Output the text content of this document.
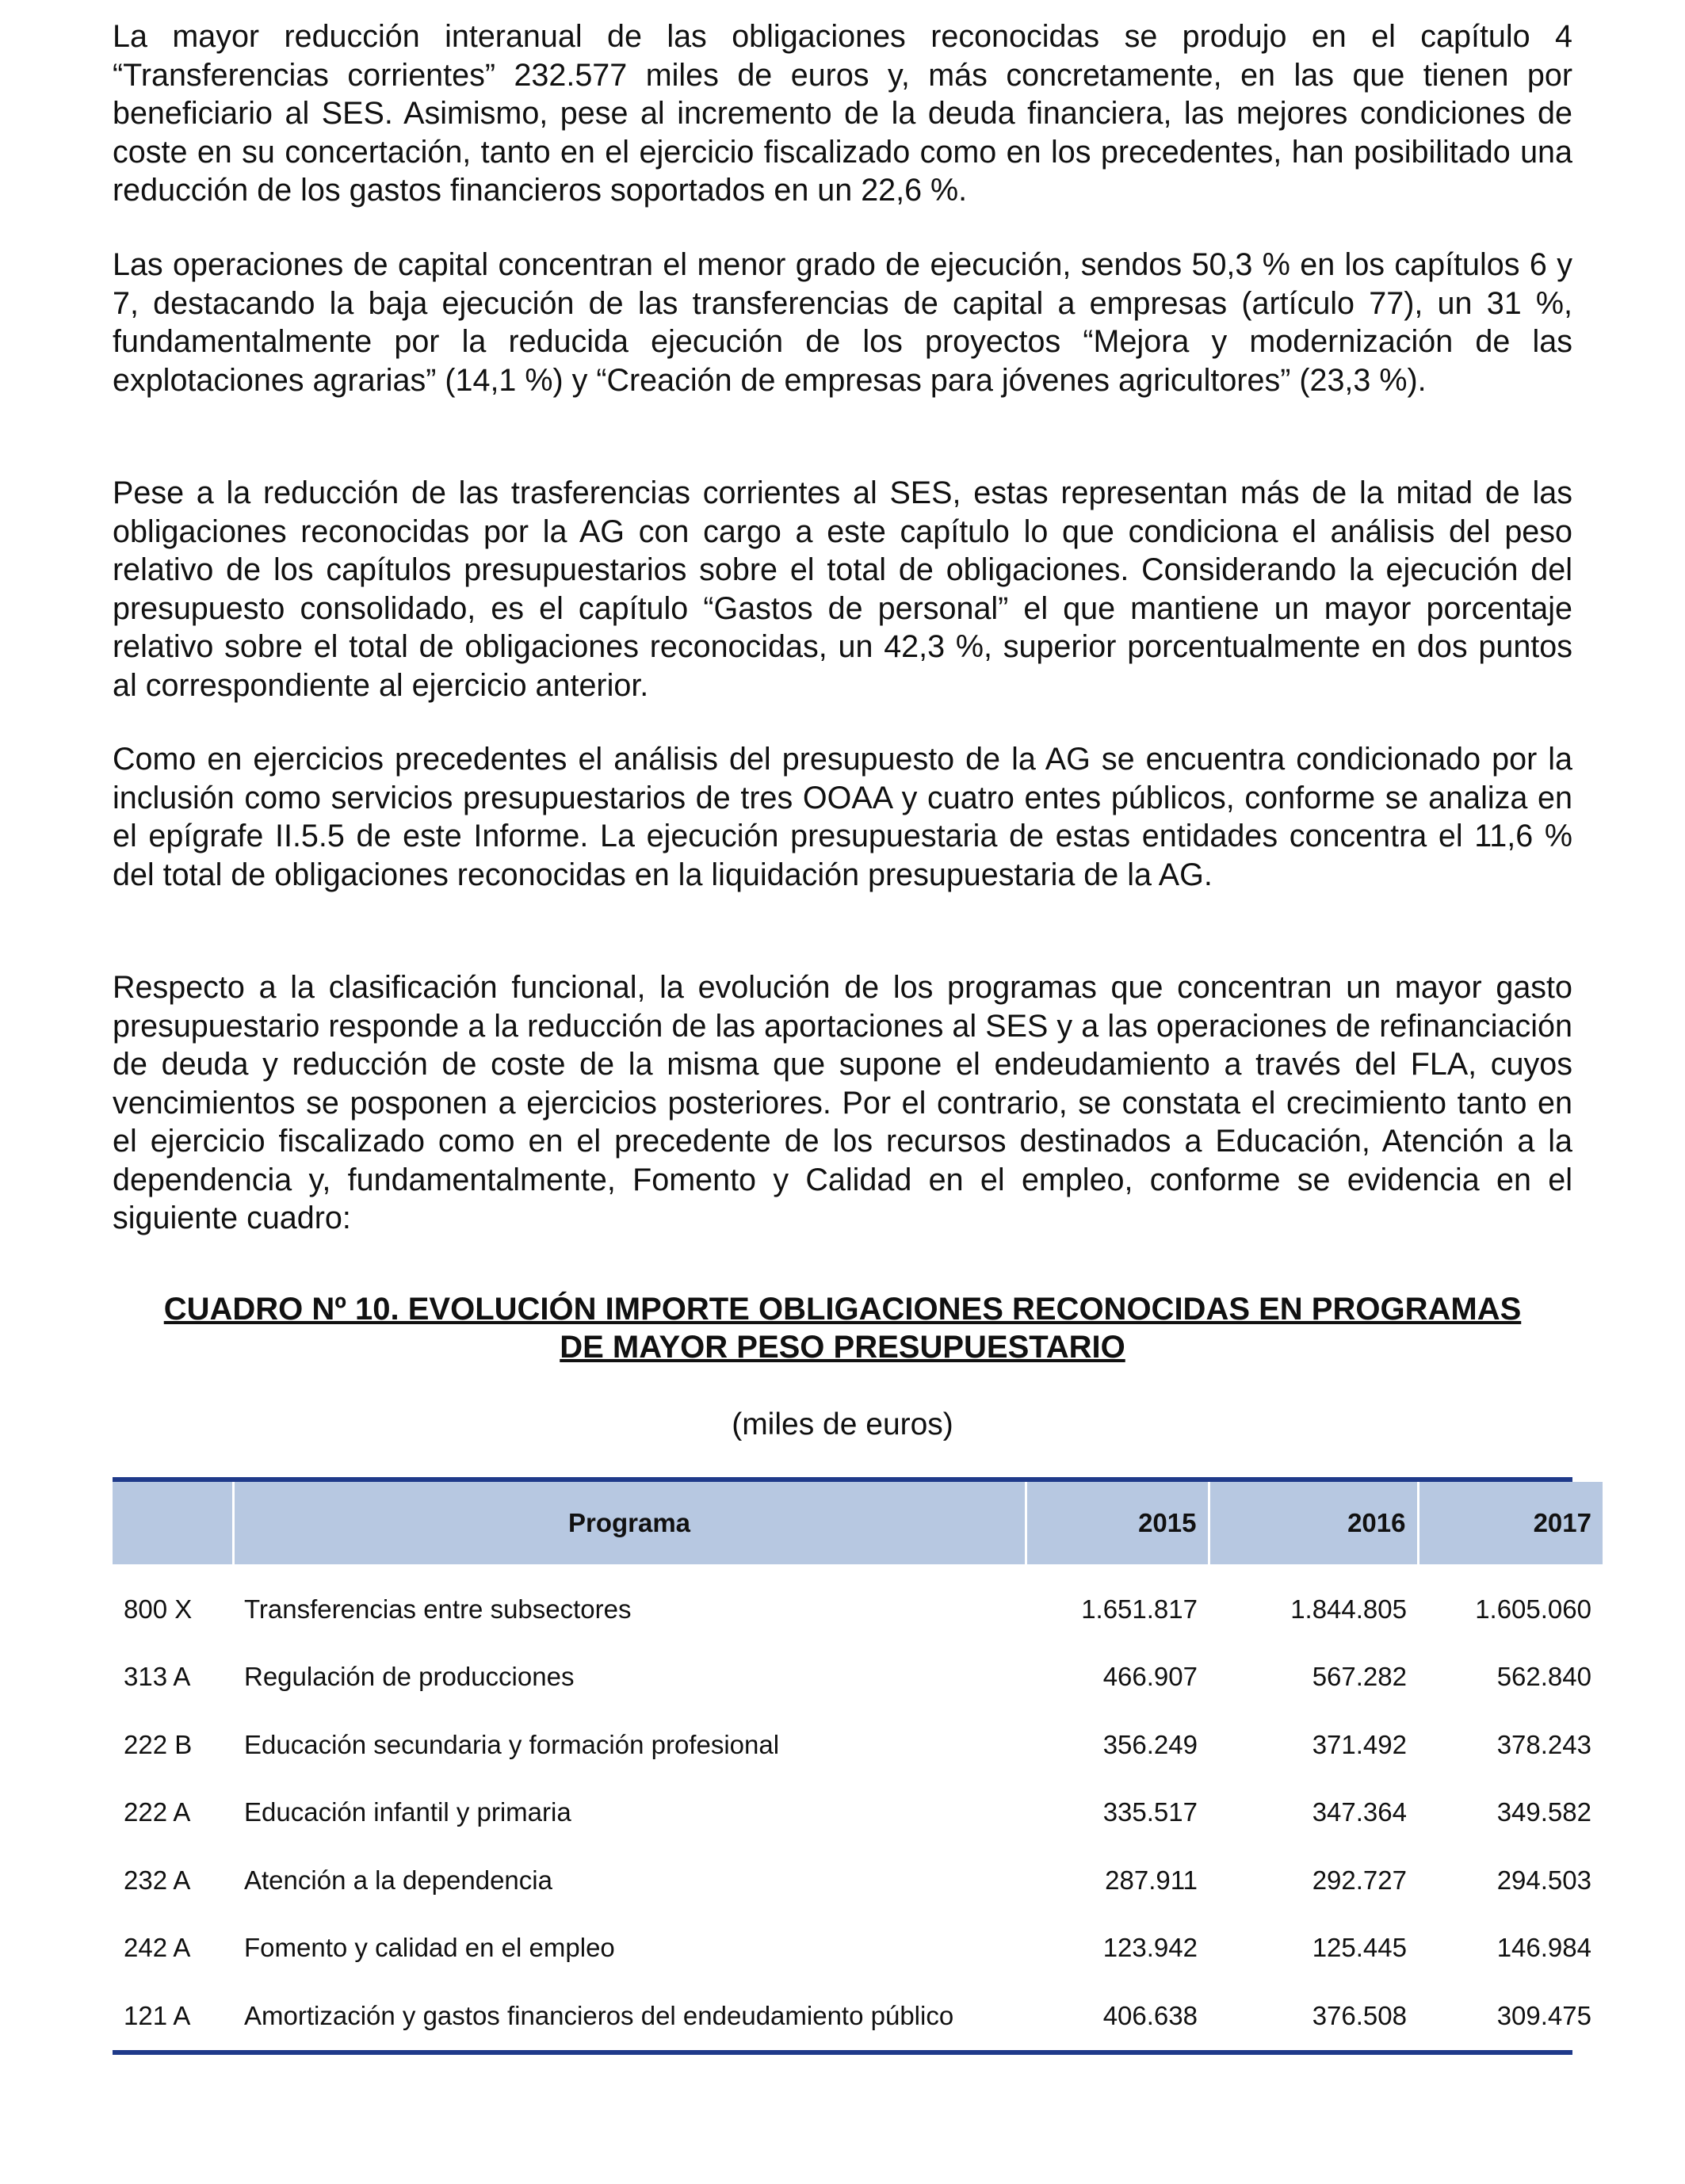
La mayor reducción interanual de las obligaciones reconocidas se produjo en el capítulo 4 “Transferencias corrientes” 232.577 miles de euros y, más concretamente, en las que tienen por beneficiario al SES. Asimismo, pese al incremento de la deuda financiera, las mejores condiciones de coste en su concertación, tanto en el ejercicio fiscalizado como en los precedentes, han posibilitado una reducción de los gastos financieros soportados en un 22,6 %.

Las operaciones de capital concentran el menor grado de ejecución, sendos 50,3 % en los capítulos 6 y 7, destacando la baja ejecución de las transferencias de capital a empresas (artículo 77), un 31 %, fundamentalmente por la reducida ejecución de los proyectos “Mejora y modernización de las explotaciones agrarias” (14,1 %) y “Creación de empresas para jóvenes agricultores” (23,3 %).

Pese a la reducción de las trasferencias corrientes al SES, estas representan más de la mitad de las obligaciones reconocidas por la AG con cargo a este capítulo lo que condiciona el análisis del peso relativo de los capítulos presupuestarios sobre el total de obligaciones. Considerando la ejecución del presupuesto consolidado, es el capítulo “Gastos de personal” el que mantiene un mayor porcentaje relativo sobre el total de obligaciones reconocidas, un 42,3 %, superior porcentualmente en dos puntos al correspondiente al ejercicio anterior.

Como en ejercicios precedentes el análisis del presupuesto de la AG se encuentra condicionado por la inclusión como servicios presupuestarios de tres OOAA y cuatro entes públicos, conforme se analiza en el epígrafe II.5.5 de este Informe. La ejecución presupuestaria de estas entidades concentra el 11,6 % del total de obligaciones reconocidas en la liquidación presupuestaria de la AG.

Respecto a la clasificación funcional, la evolución de los programas que concentran un mayor gasto presupuestario responde a la reducción de las aportaciones al SES y a las operaciones de refinanciación de deuda y reducción de coste de la misma que supone el endeudamiento a través del FLA, cuyos vencimientos se posponen a ejercicios posteriores. Por el contrario, se constata el crecimiento tanto en el ejercicio fiscalizado como en el precedente de los recursos destinados a Educación, Atención a la dependencia y, fundamentalmente, Fomento y Calidad en el empleo, conforme se evidencia en el siguiente cuadro:

CUADRO Nº 10. EVOLUCIÓN IMPORTE OBLIGACIONES RECONOCIDAS EN PROGRAMAS
DE MAYOR PESO PRESUPUESTARIO

(miles de euros)

	Programa	2015	2016	2017
800 X	Transferencias entre subsectores	1.651.817	1.844.805	1.605.060
313 A	Regulación de producciones	466.907	567.282	562.840
222 B	Educación secundaria y formación profesional	356.249	371.492	378.243
222 A	Educación infantil y primaria	335.517	347.364	349.582
232 A	Atención a la dependencia	287.911	292.727	294.503
242 A	Fomento y calidad en el empleo	123.942	125.445	146.984
121 A	Amortización y gastos financieros del endeudamiento público	406.638	376.508	309.475
